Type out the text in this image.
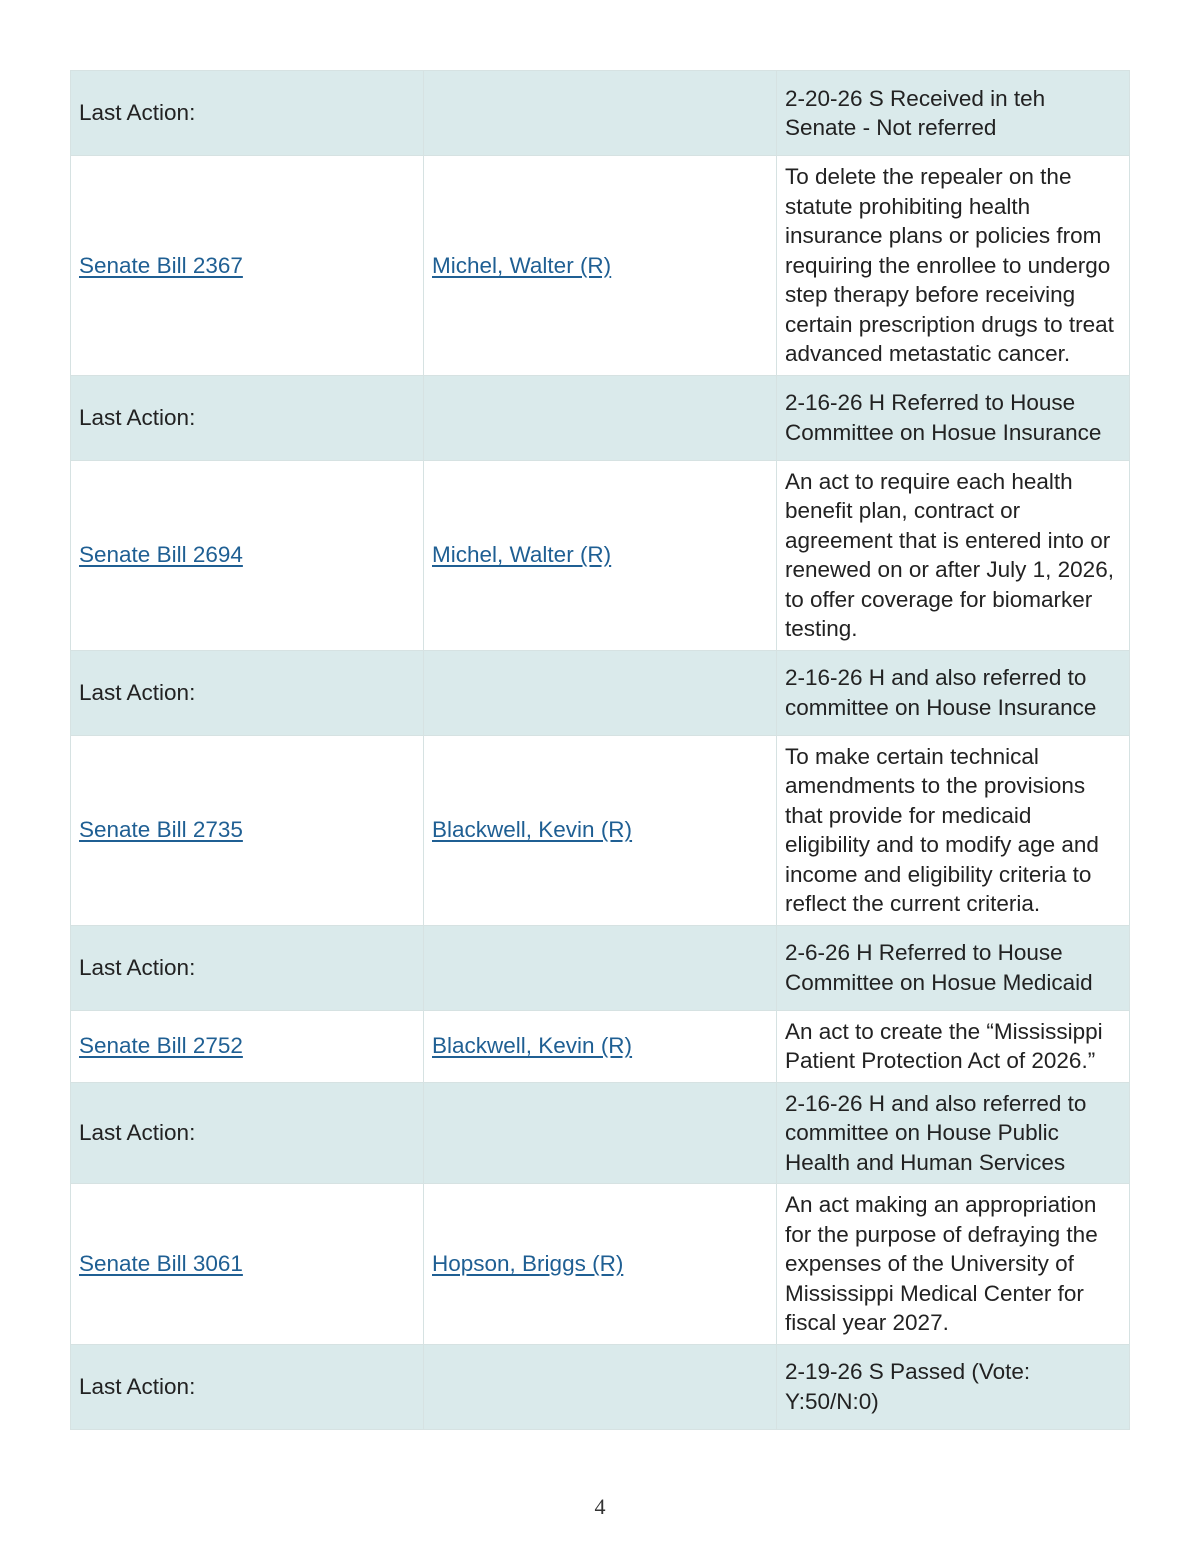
Last Action:		2-20-26 S Received in teh Senate - Not referred
Senate Bill 2367	Michel, Walter (R)	To delete the repealer on the statute prohibiting health insurance plans or policies from requiring the enrollee to undergo step therapy before receiving certain prescription drugs to treat advanced metastatic cancer.
Last Action:		2-16-26 H Referred to House Committee on Hosue Insurance
Senate Bill 2694	Michel, Walter (R)	An act to require each health benefit plan, contract or agreement that is entered into or renewed on or after July 1, 2026, to offer coverage for biomarker testing.
Last Action:		2-16-26 H and also referred to committee on House Insurance
Senate Bill 2735	Blackwell, Kevin (R)	To make certain technical amendments to the provisions that provide for medicaid eligibility and to modify age and income and eligibility criteria to reflect the current criteria.
Last Action:		2-6-26 H Referred to House Committee on Hosue Medicaid
Senate Bill 2752	Blackwell, Kevin (R)	An act to create the “Mississippi Patient Protection Act of 2026.”
Last Action:		2-16-26 H and also referred to committee on House Public Health and Human Services
Senate Bill 3061	Hopson, Briggs (R)	An act making an appropriation for the purpose of defraying the expenses of the University of Mississippi Medical Center for fiscal year 2027.
Last Action:		2-19-26 S Passed (Vote: Y:50/N:0)
4
